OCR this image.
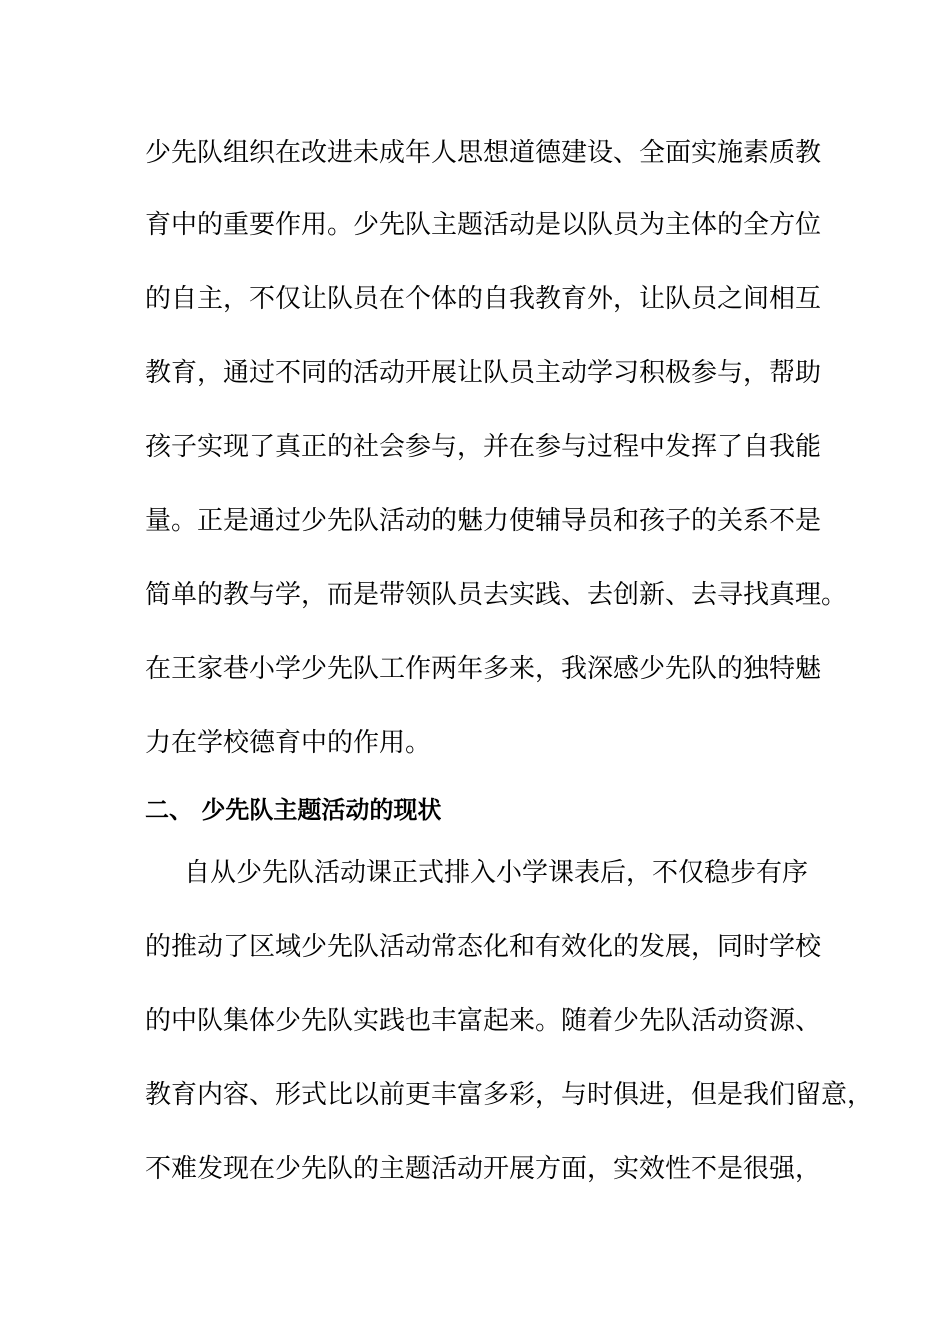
少先队组织在改进未成年人思想道德建设、全面实施素质教
育中的重要作用。少先队主题活动是以队员为主体的全方位
的自主，不仅让队员在个体的自我教育外，让队员之间相互
教育，通过不同的活动开展让队员主动学习积极参与，帮助
孩子实现了真正的社会参与，并在参与过程中发挥了自我能
量。正是通过少先队活动的魅力使辅导员和孩子的关系不是
简单的教与学，而是带领队员去实践、去创新、去寻找真理。
在王家巷小学少先队工作两年多来，我深感少先队的独特魅
力在学校德育中的作用。
二、 少先队主题活动的现状
自从少先队活动课正式排入小学课表后，不仅稳步有序
的推动了区域少先队活动常态化和有效化的发展，同时学校
的中队集体少先队实践也丰富起来。随着少先队活动资源、
教育内容、形式比以前更丰富多彩，与时俱进，但是我们留意，
不难发现在少先队的主题活动开展方面，实效性不是很强，
